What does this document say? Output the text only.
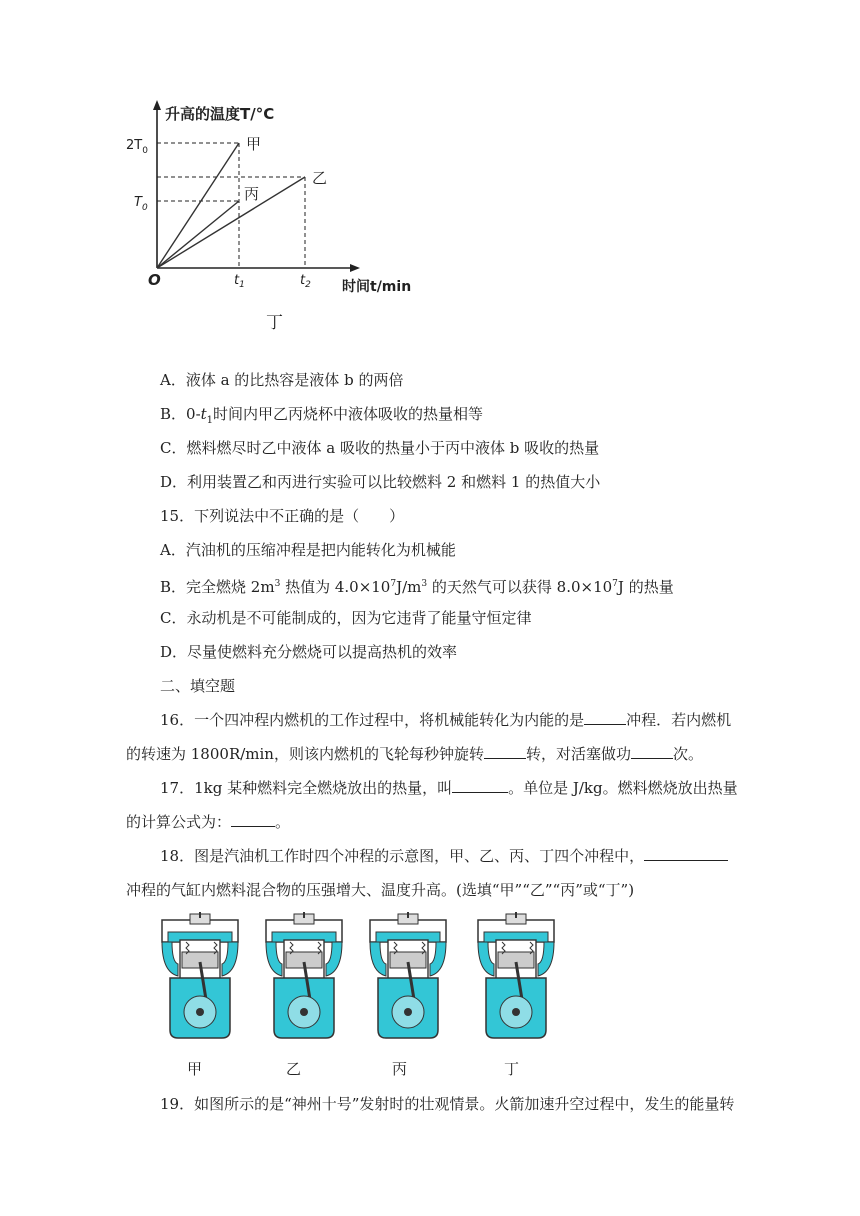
升高的温度T/°C
时间t/min
O
$2T_0$
$T_0$
$t_1$	$t_2$
甲
乙
丙
丁
A．液体 a 的比热容是液体 b 的两倍
B．$0-t_1$时间内甲乙丙烧杯中液体吸收的热量相等
C．燃料燃尽时乙中液体 a 吸收的热量小于丙中液体 b 吸收的热量
D．利用装置乙和丙进行实验可以比较燃料 2 和燃料 1 的热值大小
15．下列说法中不正确的是（　　）
A．汽油机的压缩冲程是把内能转化为机械能
B．完全燃烧 $2m^3$ 热值为 $4.0\times 10^7J/m^3$ 的天然气可以获得 $8.0\times 10^7J$ 的热量
C．永动机是不可能制成的，因为它违背了能量守恒定律
D．尽量使燃料充分燃烧可以提高热机的效率
二、填空题
16．一个四冲程内燃机的工作过程中，将机械能转化为内能的是	冲程．若内燃机
的转速为 1800R/min，则该内燃机的飞轮每秒钟旋转	转，对活塞做功	次。
17．1kg 某种燃料完全燃烧放出的热量，叫	。单位是 J/kg。燃料燃烧放出热量
的计算公式为：	。
18．图是汽油机工作时四个冲程的示意图，甲、乙、丙、丁四个冲程中，
冲程的气缸内燃料混合物的压强增大、温度升高。(选填“甲”“乙”“丙”或“丁”)
甲	乙	丙	丁
19．如图所示的是“神州十号”发射时的壮观情景。火箭加速升空过程中，发生的能量转
